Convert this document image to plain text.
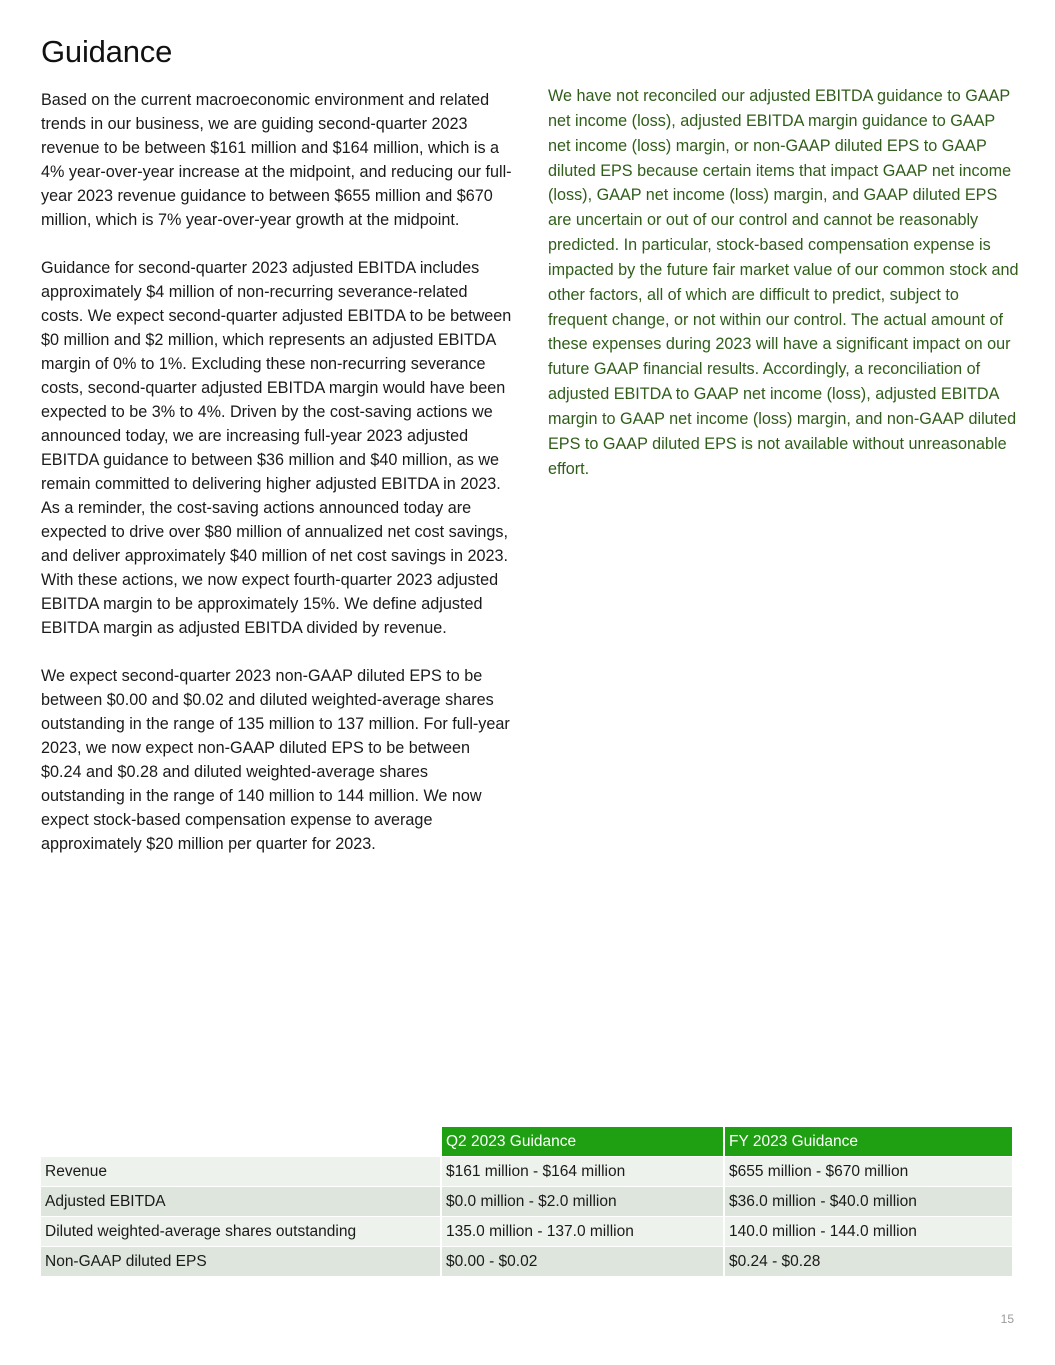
Guidance

Based on the current macroeconomic environment and related trends in our business, we are guiding second-quarter 2023 revenue to be between $161 million and $164 million, which is a 4% year-over-year increase at the midpoint, and reducing our full-year 2023 revenue guidance to between $655 million and $670 million, which is 7% year-over-year growth at the midpoint.

Guidance for second-quarter 2023 adjusted EBITDA includes approximately $4 million of non-recurring severance-related costs. We expect second-quarter adjusted EBITDA to be between $0 million and $2 million, which represents an adjusted EBITDA margin of 0% to 1%. Excluding these non-recurring severance costs, second-quarter adjusted EBITDA margin would have been expected to be 3% to 4%. Driven by the cost-saving actions we announced today, we are increasing full-year 2023 adjusted EBITDA guidance to between $36 million and $40 million, as we remain committed to delivering higher adjusted EBITDA in 2023. As a reminder, the cost-saving actions announced today are expected to drive over $80 million of annualized net cost savings, and deliver approximately $40 million of net cost savings in 2023. With these actions, we now expect fourth-quarter 2023 adjusted EBITDA margin to be approximately 15%. We define adjusted EBITDA margin as adjusted EBITDA divided by revenue.

We expect second-quarter 2023 non-GAAP diluted EPS to be between $0.00 and $0.02 and diluted weighted-average shares outstanding in the range of 135 million to 137 million. For full-year 2023, we now expect non-GAAP diluted EPS to be between $0.24 and $0.28 and diluted weighted-average shares outstanding in the range of 140 million to 144 million. We now expect stock-based compensation expense to average approximately $20 million per quarter for 2023.

We have not reconciled our adjusted EBITDA guidance to GAAP net income (loss), adjusted EBITDA margin guidance to GAAP net income (loss) margin, or non-GAAP diluted EPS to GAAP diluted EPS because certain items that impact GAAP net income (loss), GAAP net income (loss) margin, and GAAP diluted EPS are uncertain or out of our control and cannot be reasonably predicted. In particular, stock-based compensation expense is impacted by the future fair market value of our common stock and other factors, all of which are difficult to predict, subject to frequent change, or not within our control. The actual amount of these expenses during 2023 will have a significant impact on our future GAAP financial results. Accordingly, a reconciliation of adjusted EBITDA to GAAP net income (loss), adjusted EBITDA margin to GAAP net income (loss) margin, and non-GAAP diluted EPS to GAAP diluted EPS is not available without unreasonable effort.

	Q2 2023 Guidance	FY 2023 Guidance
Revenue	$161 million - $164 million	$655 million - $670 million
Adjusted EBITDA	$0.0 million - $2.0 million	$36.0 million - $40.0 million
Diluted weighted-average shares outstanding	135.0 million - 137.0 million	140.0 million - 144.0 million
Non-GAAP diluted EPS	$0.00 - $0.02	$0.24 - $0.28
15
